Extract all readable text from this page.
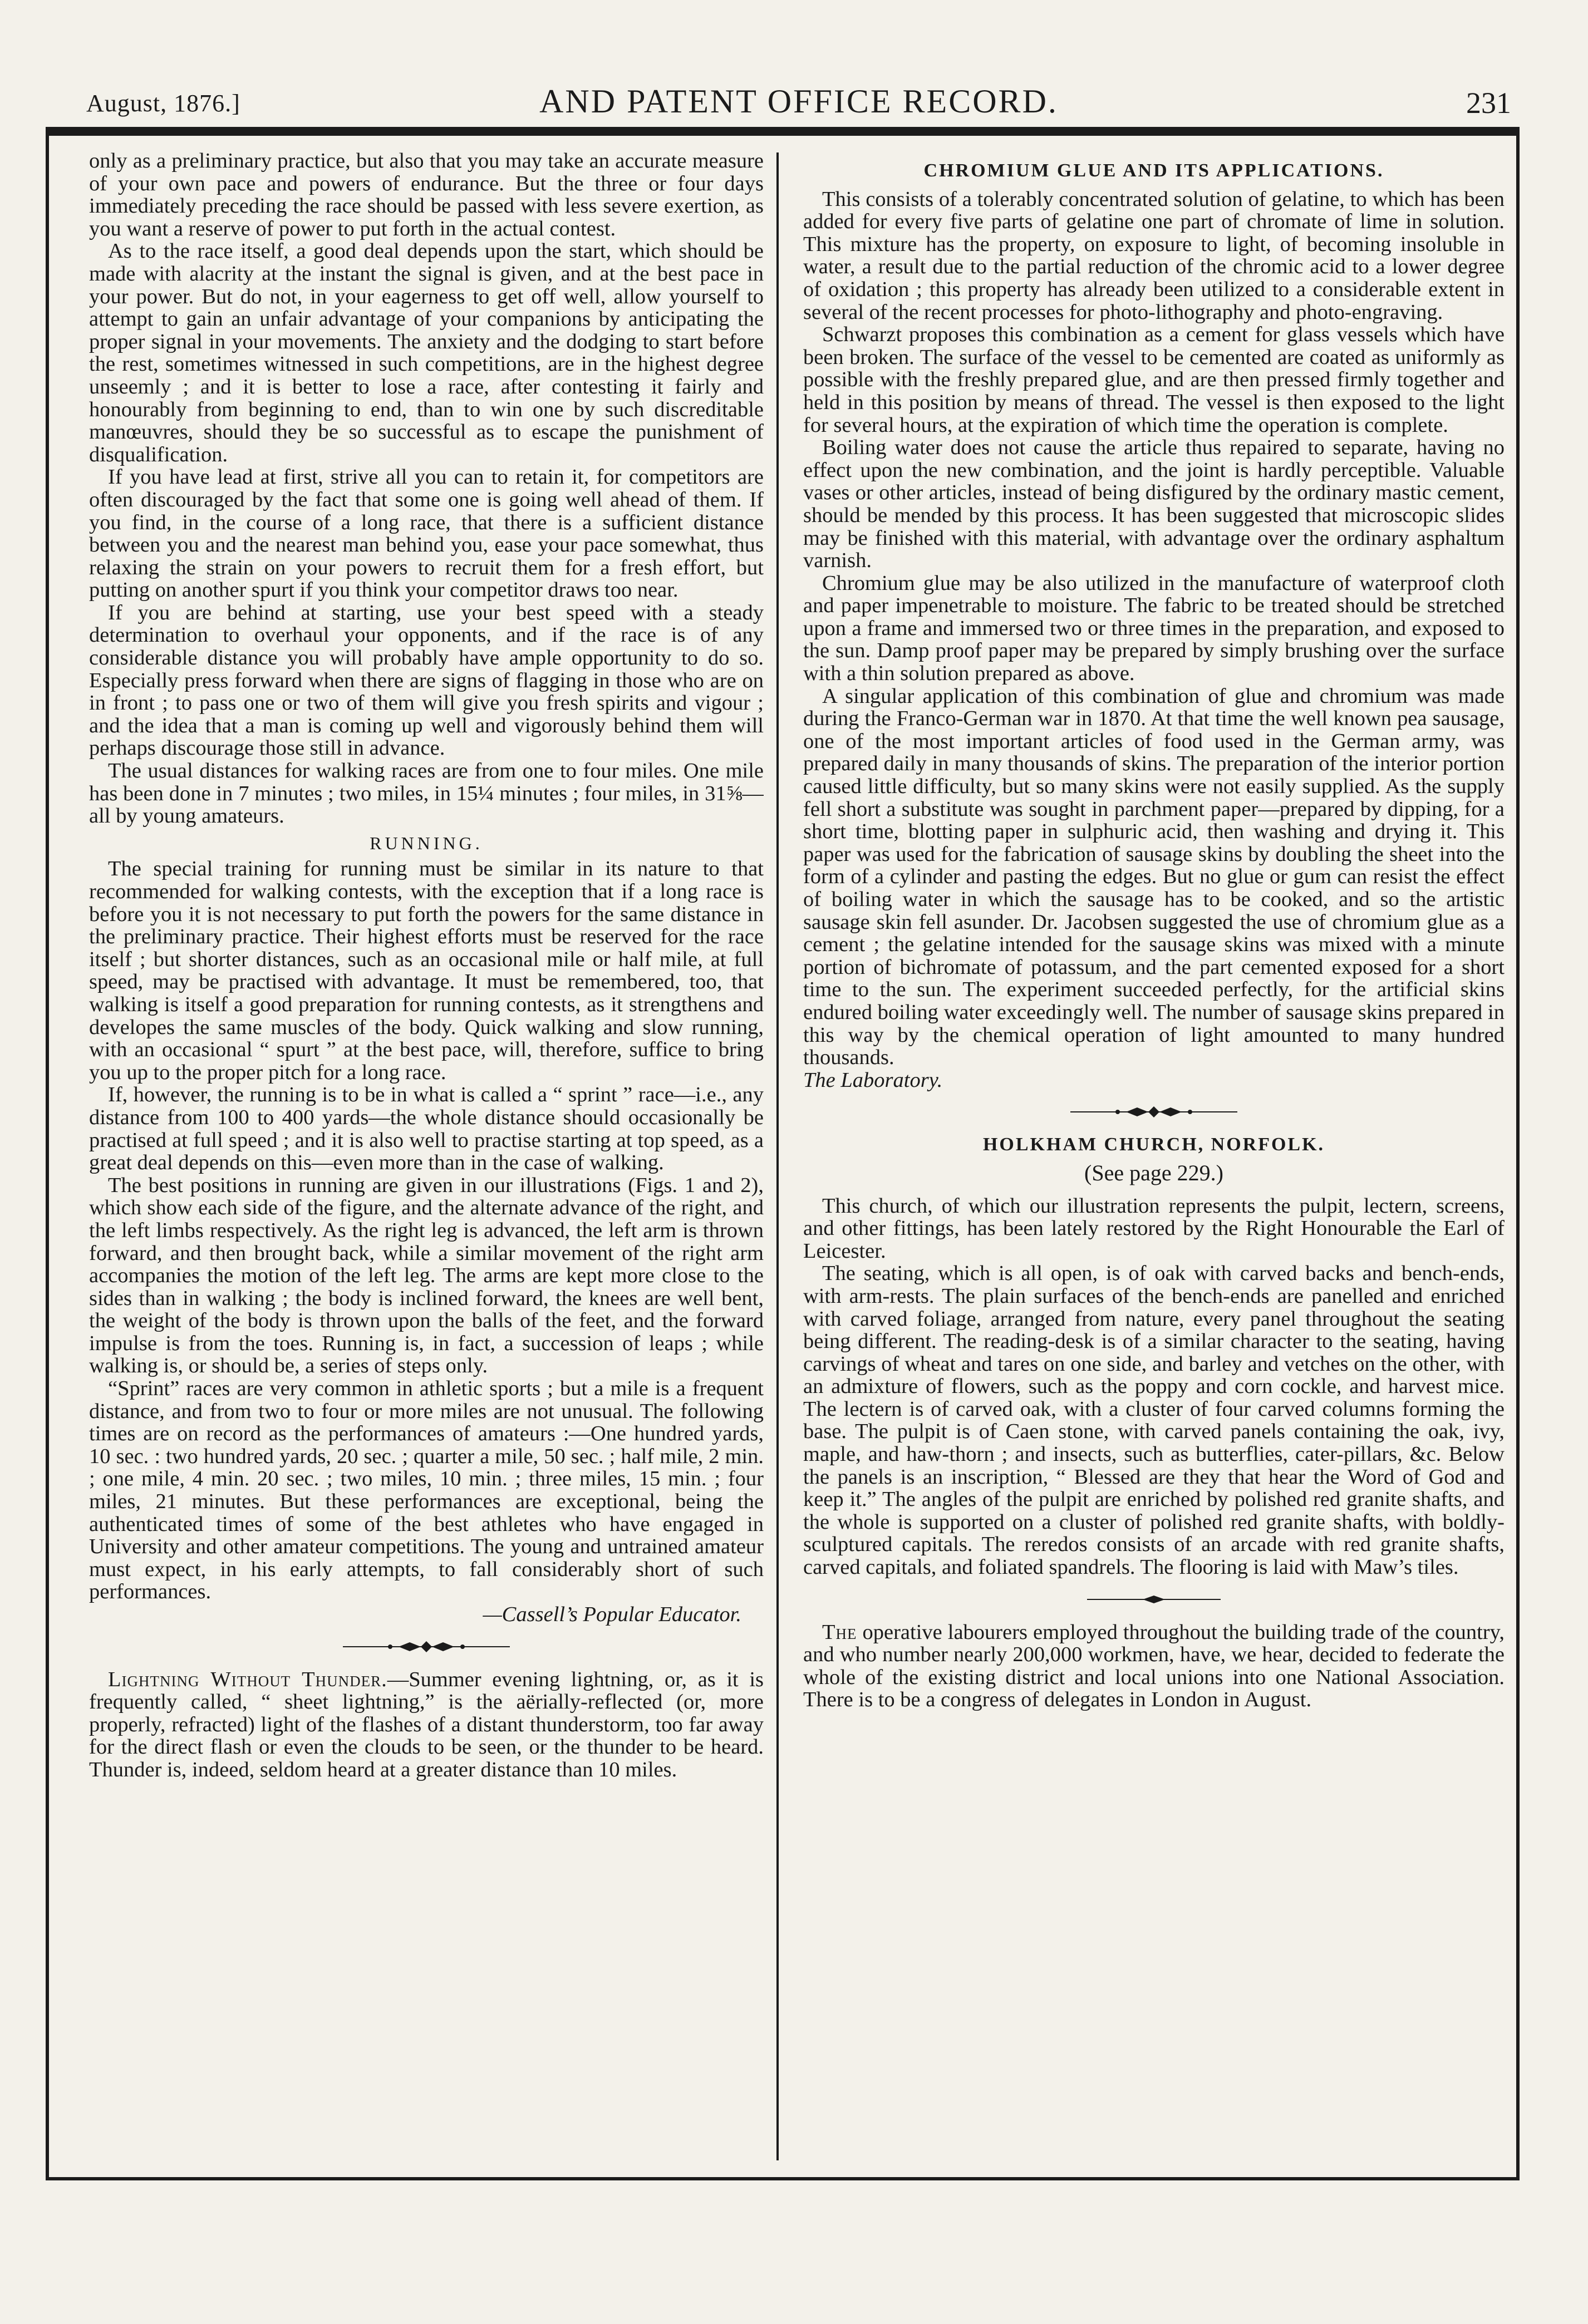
August, 1876.]	AND PATENT OFFICE RECORD.	231

only as a preliminary practice, but also that you may take an accurate measure of your own pace and powers of endurance. But the three or four days immediately preceding the race should be passed with less severe exertion, as you want a reserve of power to put forth in the actual contest.

As to the race itself, a good deal depends upon the start, which should be made with alacrity at the instant the signal is given, and at the best pace in your power. But do not, in your eagerness to get off well, allow yourself to attempt to gain an unfair advantage of your companions by anticipating the proper signal in your movements. The anxiety and the dodging to start before the rest, sometimes witnessed in such competitions, are in the highest degree unseemly ; and it is better to lose a race, after contesting it fairly and honourably from beginning to end, than to win one by such discreditable manœuvres, should they be so successful as to escape the punishment of disqualification.

If you have lead at first, strive all you can to retain it, for competitors are often discouraged by the fact that some one is going well ahead of them. If you find, in the course of a long race, that there is a sufficient distance between you and the nearest man behind you, ease your pace somewhat, thus relaxing the strain on your powers to recruit them for a fresh effort, but putting on another spurt if you think your competitor draws too near.

If you are behind at starting, use your best speed with a steady determination to overhaul your opponents, and if the race is of any considerable distance you will probably have ample opportunity to do so. Especially press forward when there are signs of flagging in those who are on in front ; to pass one or two of them will give you fresh spirits and vigour ; and the idea that a man is coming up well and vigorously behind them will perhaps discourage those still in advance.

The usual distances for walking races are from one to four miles. One mile has been done in 7 minutes ; two miles, in 15¼ minutes ; four miles, in 31⅝—all by young amateurs.

RUNNING.

The special training for running must be similar in its nature to that recommended for walking contests, with the exception that if a long race is before you it is not necessary to put forth the powers for the same distance in the preliminary practice. Their highest efforts must be reserved for the race itself ; but shorter distances, such as an occasional mile or half mile, at full speed, may be practised with advantage. It must be remembered, too, that walking is itself a good preparation for running contests, as it strengthens and developes the same muscles of the body. Quick walking and slow running, with an occasional “ spurt ” at the best pace, will, therefore, suffice to bring you up to the proper pitch for a long race.

If, however, the running is to be in what is called a “ sprint ” race—i.e., any distance from 100 to 400 yards—the whole distance should occasionally be practised at full speed ; and it is also well to practise starting at top speed, as a great deal depends on this—even more than in the case of walking.

The best positions in running are given in our illustrations (Figs. 1 and 2), which show each side of the figure, and the alternate advance of the right, and the left limbs respectively. As the right leg is advanced, the left arm is thrown forward, and then brought back, while a similar movement of the right arm accompanies the motion of the left leg. The arms are kept more close to the sides than in walking ; the body is inclined forward, the knees are well bent, the weight of the body is thrown upon the balls of the feet, and the forward impulse is from the toes. Running is, in fact, a succession of leaps ; while walking is, or should be, a series of steps only.

“Sprint” races are very common in athletic sports ; but a mile is a frequent distance, and from two to four or more miles are not unusual. The following times are on record as the performances of amateurs :—One hundred yards, 10 sec. : two hundred yards, 20 sec. ; quarter a mile, 50 sec. ; half mile, 2 min. ; one mile, 4 min. 20 sec. ; two miles, 10 min. ; three miles, 15 min. ; four miles, 21 minutes. But these performances are exceptional, being the authenticated times of some of the best athletes who have engaged in University and other amateur competitions. The young and untrained amateur must expect, in his early attempts, to fall considerably short of such performances.

—Cassell’s Popular Educator.

Lightning Without Thunder.—Summer evening lightning, or, as it is frequently called, “ sheet lightning,” is the aërially-reflected (or, more properly, refracted) light of the flashes of a distant thunderstorm, too far away for the direct flash or even the clouds to be seen, or the thunder to be heard. Thunder is, indeed, seldom heard at a greater distance than 10 miles.

CHROMIUM GLUE AND ITS APPLICATIONS.

This consists of a tolerably concentrated solution of gelatine, to which has been added for every five parts of gelatine one part of chromate of lime in solution. This mixture has the property, on exposure to light, of becoming insoluble in water, a result due to the partial reduction of the chromic acid to a lower degree of oxidation ; this property has already been utilized to a considerable extent in several of the recent processes for photo-lithography and photo-engraving.

Schwarzt proposes this combination as a cement for glass vessels which have been broken. The surface of the vessel to be cemented are coated as uniformly as possible with the freshly prepared glue, and are then pressed firmly together and held in this position by means of thread. The vessel is then exposed to the light for several hours, at the expiration of which time the operation is complete.

Boiling water does not cause the article thus repaired to separate, having no effect upon the new combination, and the joint is hardly perceptible. Valuable vases or other articles, instead of being disfigured by the ordinary mastic cement, should be mended by this process. It has been suggested that microscopic slides may be finished with this material, with advantage over the ordinary asphaltum varnish.

Chromium glue may be also utilized in the manufacture of waterproof cloth and paper impenetrable to moisture. The fabric to be treated should be stretched upon a frame and immersed two or three times in the preparation, and exposed to the sun. Damp proof paper may be prepared by simply brushing over the surface with a thin solution prepared as above.

A singular application of this combination of glue and chromium was made during the Franco-German war in 1870. At that time the well known pea sausage, one of the most important articles of food used in the German army, was prepared daily in many thousands of skins. The preparation of the interior portion caused little difficulty, but so many skins were not easily supplied. As the supply fell short a substitute was sought in parchment paper—prepared by dipping, for a short time, blotting paper in sulphuric acid, then washing and drying it. This paper was used for the fabrication of sausage skins by doubling the sheet into the form of a cylinder and pasting the edges. But no glue or gum can resist the effect of boiling water in which the sausage has to be cooked, and so the artistic sausage skin fell asunder. Dr. Jacobsen suggested the use of chromium glue as a cement ; the gelatine intended for the sausage skins was mixed with a minute portion of bichromate of potassum, and the part cemented exposed for a short time to the sun. The experiment succeeded perfectly, for the artificial skins endured boiling water exceedingly well. The number of sausage skins prepared in this way by the chemical operation of light amounted to many hundred thousands.

The Laboratory.

HOLKHAM CHURCH, NORFOLK.
(See page 229.)

This church, of which our illustration represents the pulpit, lectern, screens, and other fittings, has been lately restored by the Right Honourable the Earl of Leicester.

The seating, which is all open, is of oak with carved backs and bench-ends, with arm-rests. The plain surfaces of the bench-ends are panelled and enriched with carved foliage, arranged from nature, every panel throughout the seating being different. The reading-desk is of a similar character to the seating, having carvings of wheat and tares on one side, and barley and vetches on the other, with an admixture of flowers, such as the poppy and corn cockle, and harvest mice. The lectern is of carved oak, with a cluster of four carved columns forming the base. The pulpit is of Caen stone, with carved panels containing the oak, ivy, maple, and haw-thorn ; and insects, such as butterflies, cater-pillars, &c. Below the panels is an inscription, “ Blessed are they that hear the Word of God and keep it.” The angles of the pulpit are enriched by polished red granite shafts, and the whole is supported on a cluster of polished red granite shafts, with boldly-sculptured capitals. The reredos consists of an arcade with red granite shafts, carved capitals, and foliated spandrels. The flooring is laid with Maw’s tiles.

The operative labourers employed throughout the building trade of the country, and who number nearly 200,000 workmen, have, we hear, decided to federate the whole of the existing district and local unions into one National Association. There is to be a congress of delegates in London in August.
